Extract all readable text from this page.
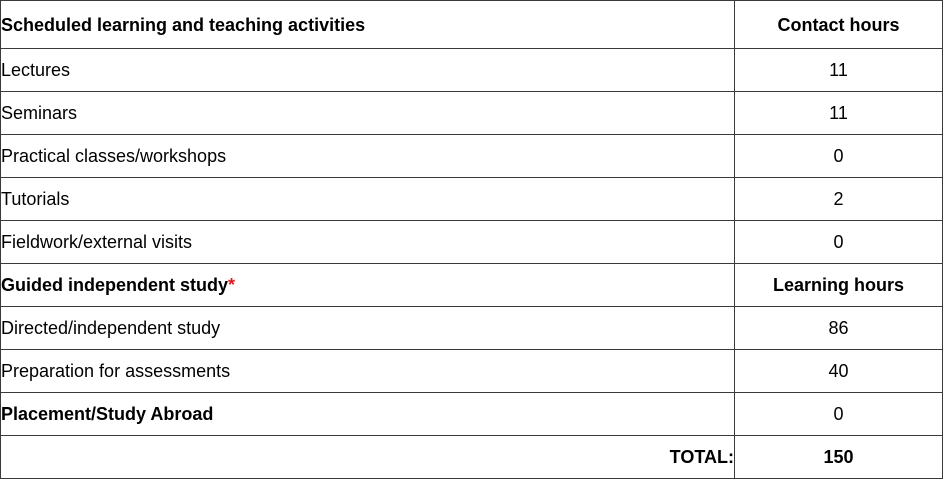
Scheduled learning and teaching activities	Contact hours
Lectures	11
Seminars	11
Practical classes/workshops	0
Tutorials	2
Fieldwork/external visits	0
Guided independent study*	Learning hours
Directed/independent study	86
Preparation for assessments	40
Placement/Study Abroad	0
TOTAL:	150
